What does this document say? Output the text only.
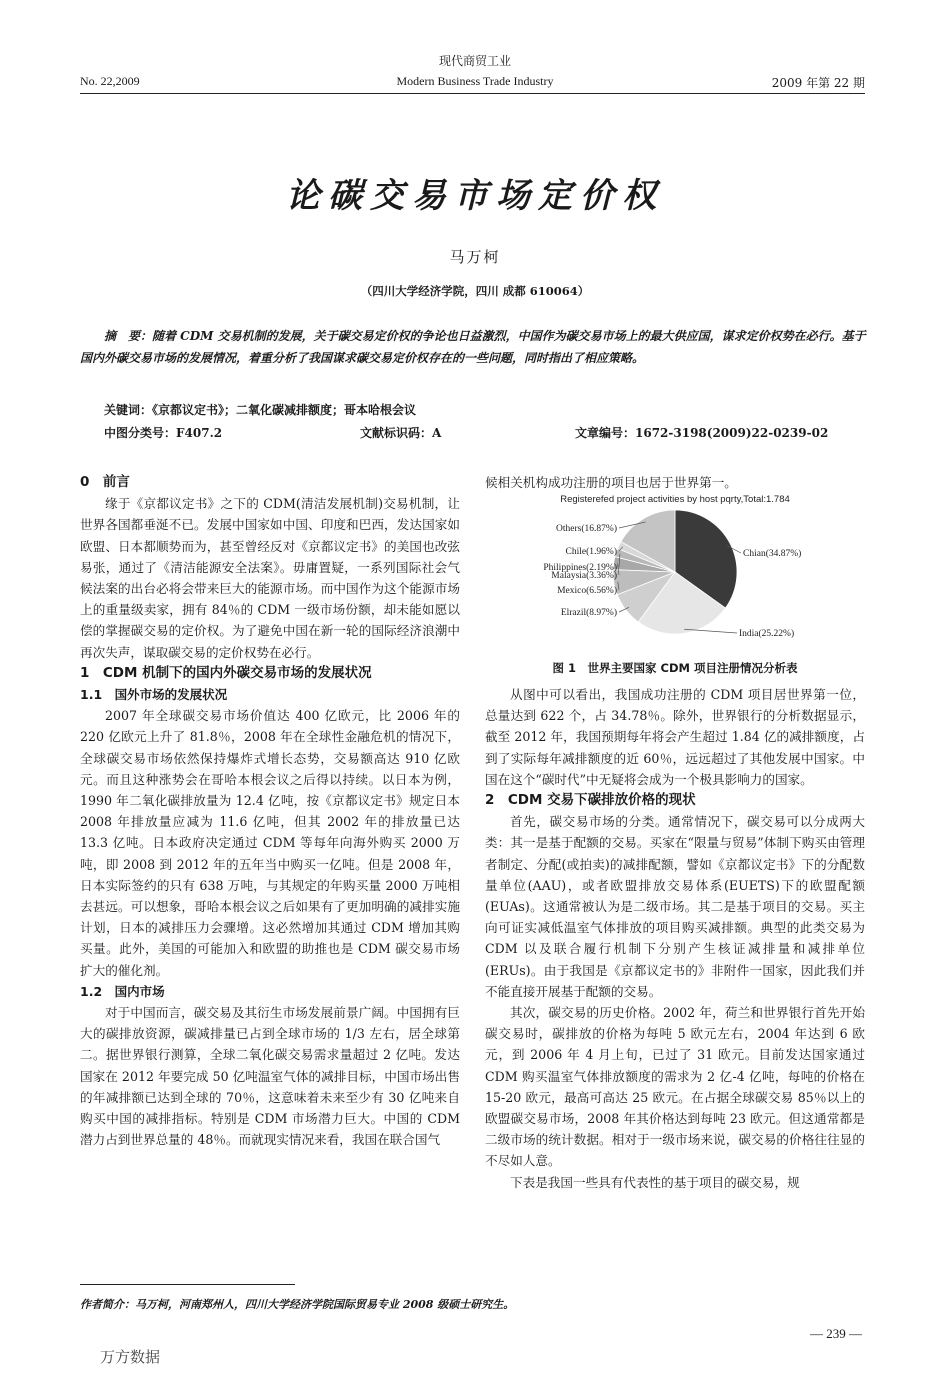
现代商贸工业
Modern Business Trade Industry
No. 22,2009	2009 年第 22 期
论碳交易市场定价权
马万柯
（四川大学经济学院，四川 成都 610064）
摘　要：随着 CDM 交易机制的发展，关于碳交易定价权的争论也日益激烈，中国作为碳交易市场上的最大供应国，谋求定价权势在必行。基于国内外碳交易市场的发展情况，着重分析了我国谋求碳交易定价权存在的一些问题，同时指出了相应策略。
关键词：《京都议定书》；二氧化碳减排额度；哥本哈根会议
中图分类号：F407.2	文献标识码：A	文章编号：1672-3198(2009)22-0239-02

0　前言

缘于《京都议定书》之下的 CDM(清洁发展机制)交易机制，让世界各国都垂涎不已。发展中国家如中国、印度和巴西，发达国家如欧盟、日本都顺势而为，甚至曾经反对《京都议定书》的美国也改弦易张，通过了《清洁能源安全法案》。毋庸置疑，一系列国际社会气候法案的出台必将会带来巨大的能源市场。而中国作为这个能源市场上的重量级卖家，拥有 84％的 CDM 一级市场份额，却未能如愿以偿的掌握碳交易的定价权。为了避免中国在新一轮的国际经济浪潮中再次失声，谋取碳交易的定价权势在必行。

1　CDM 机制下的国内外碳交易市场的发展状况

1.1　国外市场的发展状况

2007 年全球碳交易市场价值达 400 亿欧元，比 2006 年的 220 亿欧元上升了 81.8％，2008 年在全球性金融危机的情况下，全球碳交易市场依然保持爆炸式增长态势，交易额高达 910 亿欧元。而且这种涨势会在哥哈本根会议之后得以持续。以日本为例，1990 年二氧化碳排放量为 12.4 亿吨，按《京都议定书》规定日本 2008 年排放量应减为 11.6 亿吨，但其 2002 年的排放量已达 13.3 亿吨。日本政府决定通过 CDM 等每年向海外购买 2000 万吨，即 2008 到 2012 年的五年当中购买一亿吨。但是 2008 年，日本实际签约的只有 638 万吨，与其规定的年购买量 2000 万吨相去甚远。可以想象，哥哈本根会议之后如果有了更加明确的减排实施计划，日本的减排压力会骤增。这必然增加其通过 CDM 增加其购买量。此外，美国的可能加入和欧盟的助推也是 CDM 碳交易市场扩大的催化剂。

1.2　国内市场

对于中国而言，碳交易及其衍生市场发展前景广阔。中国拥有巨大的碳排放资源，碳减排量已占到全球市场的 1/3 左右，居全球第二。据世界银行测算，全球二氧化碳交易需求量超过 2 亿吨。发达国家在 2012 年要完成 50 亿吨温室气体的减排目标，中国市场出售的年减排额已达到全球的 70％，这意味着未来至少有 30 亿吨来自购买中国的减排指标。特别是 CDM 市场潜力巨大。中国的 CDM 潜力占到世界总量的 48％。而就现实情况来看，我国在联合国气

候相关机构成功注册的项目也居于世界第一。

Registerefed project activities by host pqrty,Total:1.784
Chian(34.87%)
India(25.22%)
Elrazil(8.97%)
Mexico(6.56%)
Malaysia(3.36%)
Philippines(2.19%)
Chile(1.96%)
Others(16.87%)
图 1　世界主要国家 CDM 项目注册情况分析表

从图中可以看出，我国成功注册的 CDM 项目居世界第一位，总量达到 622 个，占 34.78％。除外，世界银行的分析数据显示，截至 2012 年，我国预期每年将会产生超过 1.84 亿的减排额度，占到了实际每年减排额度的近 60％，远远超过了其他发展中国家。中国在这个“碳时代”中无疑将会成为一个极具影响力的国家。

2　CDM 交易下碳排放价格的现状

首先，碳交易市场的分类。通常情况下，碳交易可以分成两大类：其一是基于配额的交易。买家在“限量与贸易”体制下购买由管理者制定、分配(或拍卖)的减排配额，譬如《京都议定书》下的分配数量单位(AAU)，或者欧盟排放交易体系(EUETS)下的欧盟配额(EUAs)。这通常被认为是二级市场。其二是基于项目的交易。买主向可证实减低温室气体排放的项目购买减排额。典型的此类交易为 CDM 以及联合履行机制下分别产生核证减排量和减排单位(ERUs)。由于我国是《京都议定书的》非附件一国家，因此我们并不能直接开展基于配额的交易。

其次，碳交易的历史价格。2002 年，荷兰和世界银行首先开始碳交易时，碳排放的价格为每吨 5 欧元左右，2004 年达到 6 欧元，到 2006 年 4 月上旬，已过了 31 欧元。目前发达国家通过 CDM 购买温室气体排放额度的需求为 2 亿-4 亿吨，每吨的价格在 15-20 欧元，最高可高达 25 欧元。在占据全球碳交易 85％以上的欧盟碳交易市场，2008 年其价格达到每吨 23 欧元。但这通常都是二级市场的统计数据。相对于一级市场来说，碳交易的价格往往显的不尽如人意。

下表是我国一些具有代表性的基于项目的碳交易，规

作者简介：马万柯，河南郑州人，四川大学经济学院国际贸易专业 2008 级硕士研究生。
— 239 —
万方数据
